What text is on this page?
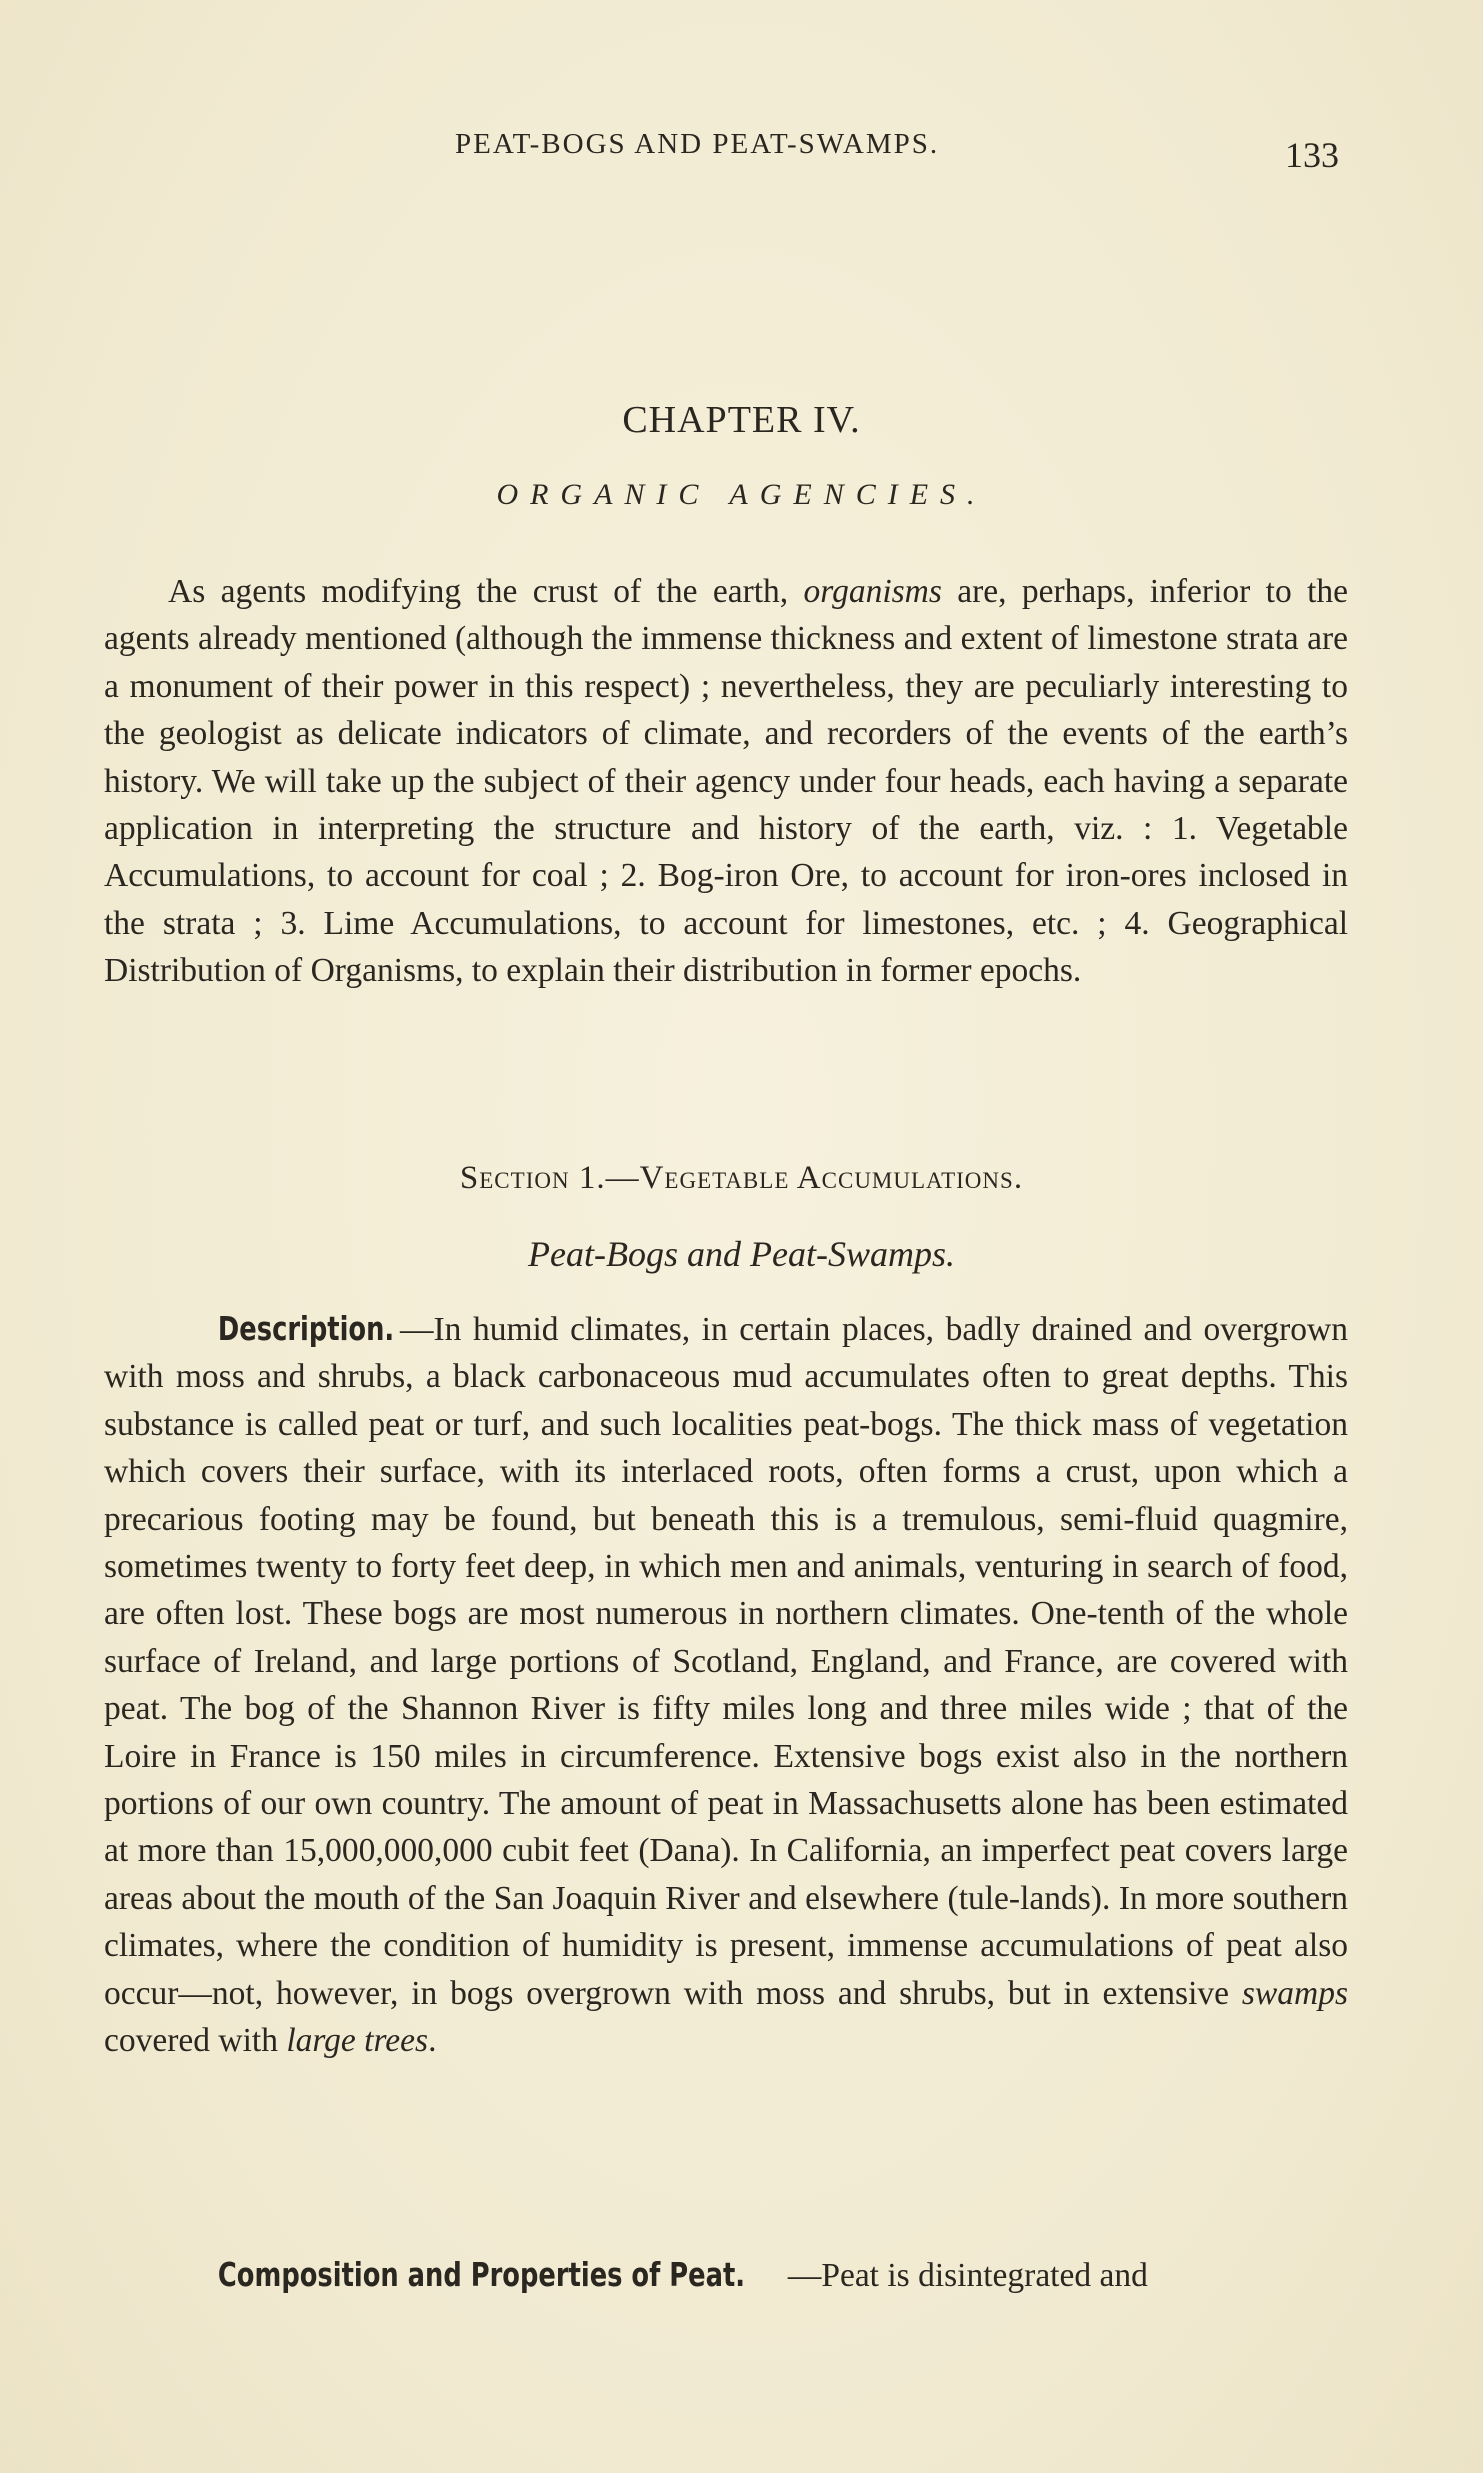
PEAT-BOGS AND PEAT-SWAMPS.	133
CHAPTER IV.
ORGANIC AGENCIES.

As agents modifying the crust of the earth, organisms are, perhaps, inferior to the agents already mentioned (although the immense thickness and extent of limestone strata are a monument of their power in this respect) ; nevertheless, they are peculiarly interesting to the geologist as delicate indicators of climate, and recorders of the events of the earth’s history. We will take up the subject of their agency under four heads, each having a separate application in interpreting the structure and history of the earth, viz. : 1. Vegetable Accumulations, to account for coal ; 2. Bog-iron Ore, to account for iron-ores inclosed in the strata ; 3. Lime Accumulations, to account for limestones, etc. ; 4. Geographical Distribution of Organisms, to explain their distribution in former epochs.

Section 1.—Vegetable Accumulations.
Peat-Bogs and Peat-Swamps.

Description. —In humid climates, in certain places, badly drained and overgrown with moss and shrubs, a black carbonaceous mud accumulates often to great depths. This substance is called peat or turf, and such localities peat-bogs. The thick mass of vegetation which covers their surface, with its interlaced roots, often forms a crust, upon which a precarious footing may be found, but beneath this is a tremulous, semi-fluid quagmire, sometimes twenty to forty feet deep, in which men and animals, venturing in search of food, are often lost. These bogs are most numerous in northern climates. One-tenth of the whole surface of Ireland, and large portions of Scotland, England, and France, are covered with peat. The bog of the Shannon River is fifty miles long and three miles wide ; that of the Loire in France is 150 miles in circumference. Extensive bogs exist also in the northern portions of our own country. The amount of peat in Massachusetts alone has been estimated at more than 15,000,000,000 cubit feet (Dana). In California, an imperfect peat covers large areas about the mouth of the San Joaquin River and elsewhere (tule-lands). In more southern climates, where the condition of humidity is present, immense accumulations of peat also occur—not, however, in bogs overgrown with moss and shrubs, but in extensive swamps covered with large trees.

Composition and Properties of Peat. —Peat is disintegrated and
